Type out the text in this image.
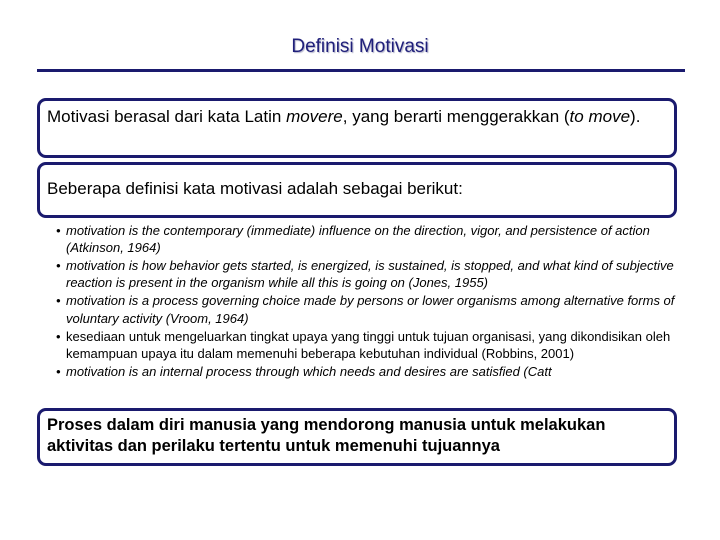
Definisi Motivasi
Motivasi berasal dari kata Latin movere, yang berarti menggerakkan (to move).
Beberapa definisi kata motivasi adalah sebagai berikut:
• motivation is the contemporary (immediate) influence on the direction, vigor, and persistence of action (Atkinson, 1964)
• motivation is how behavior gets started, is energized, is sustained, is stopped, and what kind of subjective reaction is present in the organism while all this is going on (Jones, 1955)
• motivation is a process governing choice made by persons or lower organisms among alternative forms of voluntary activity (Vroom, 1964)
• kesediaan untuk mengeluarkan tingkat upaya yang tinggi untuk tujuan organisasi, yang dikondisikan oleh kemampuan upaya itu dalam memenuhi beberapa kebutuhan individual (Robbins, 2001)
• motivation is an internal process through which needs and desires are satisfied (Catt
Proses dalam diri manusia yang mendorong manusia untuk melakukan aktivitas dan perilaku tertentu untuk memenuhi tujuannya
